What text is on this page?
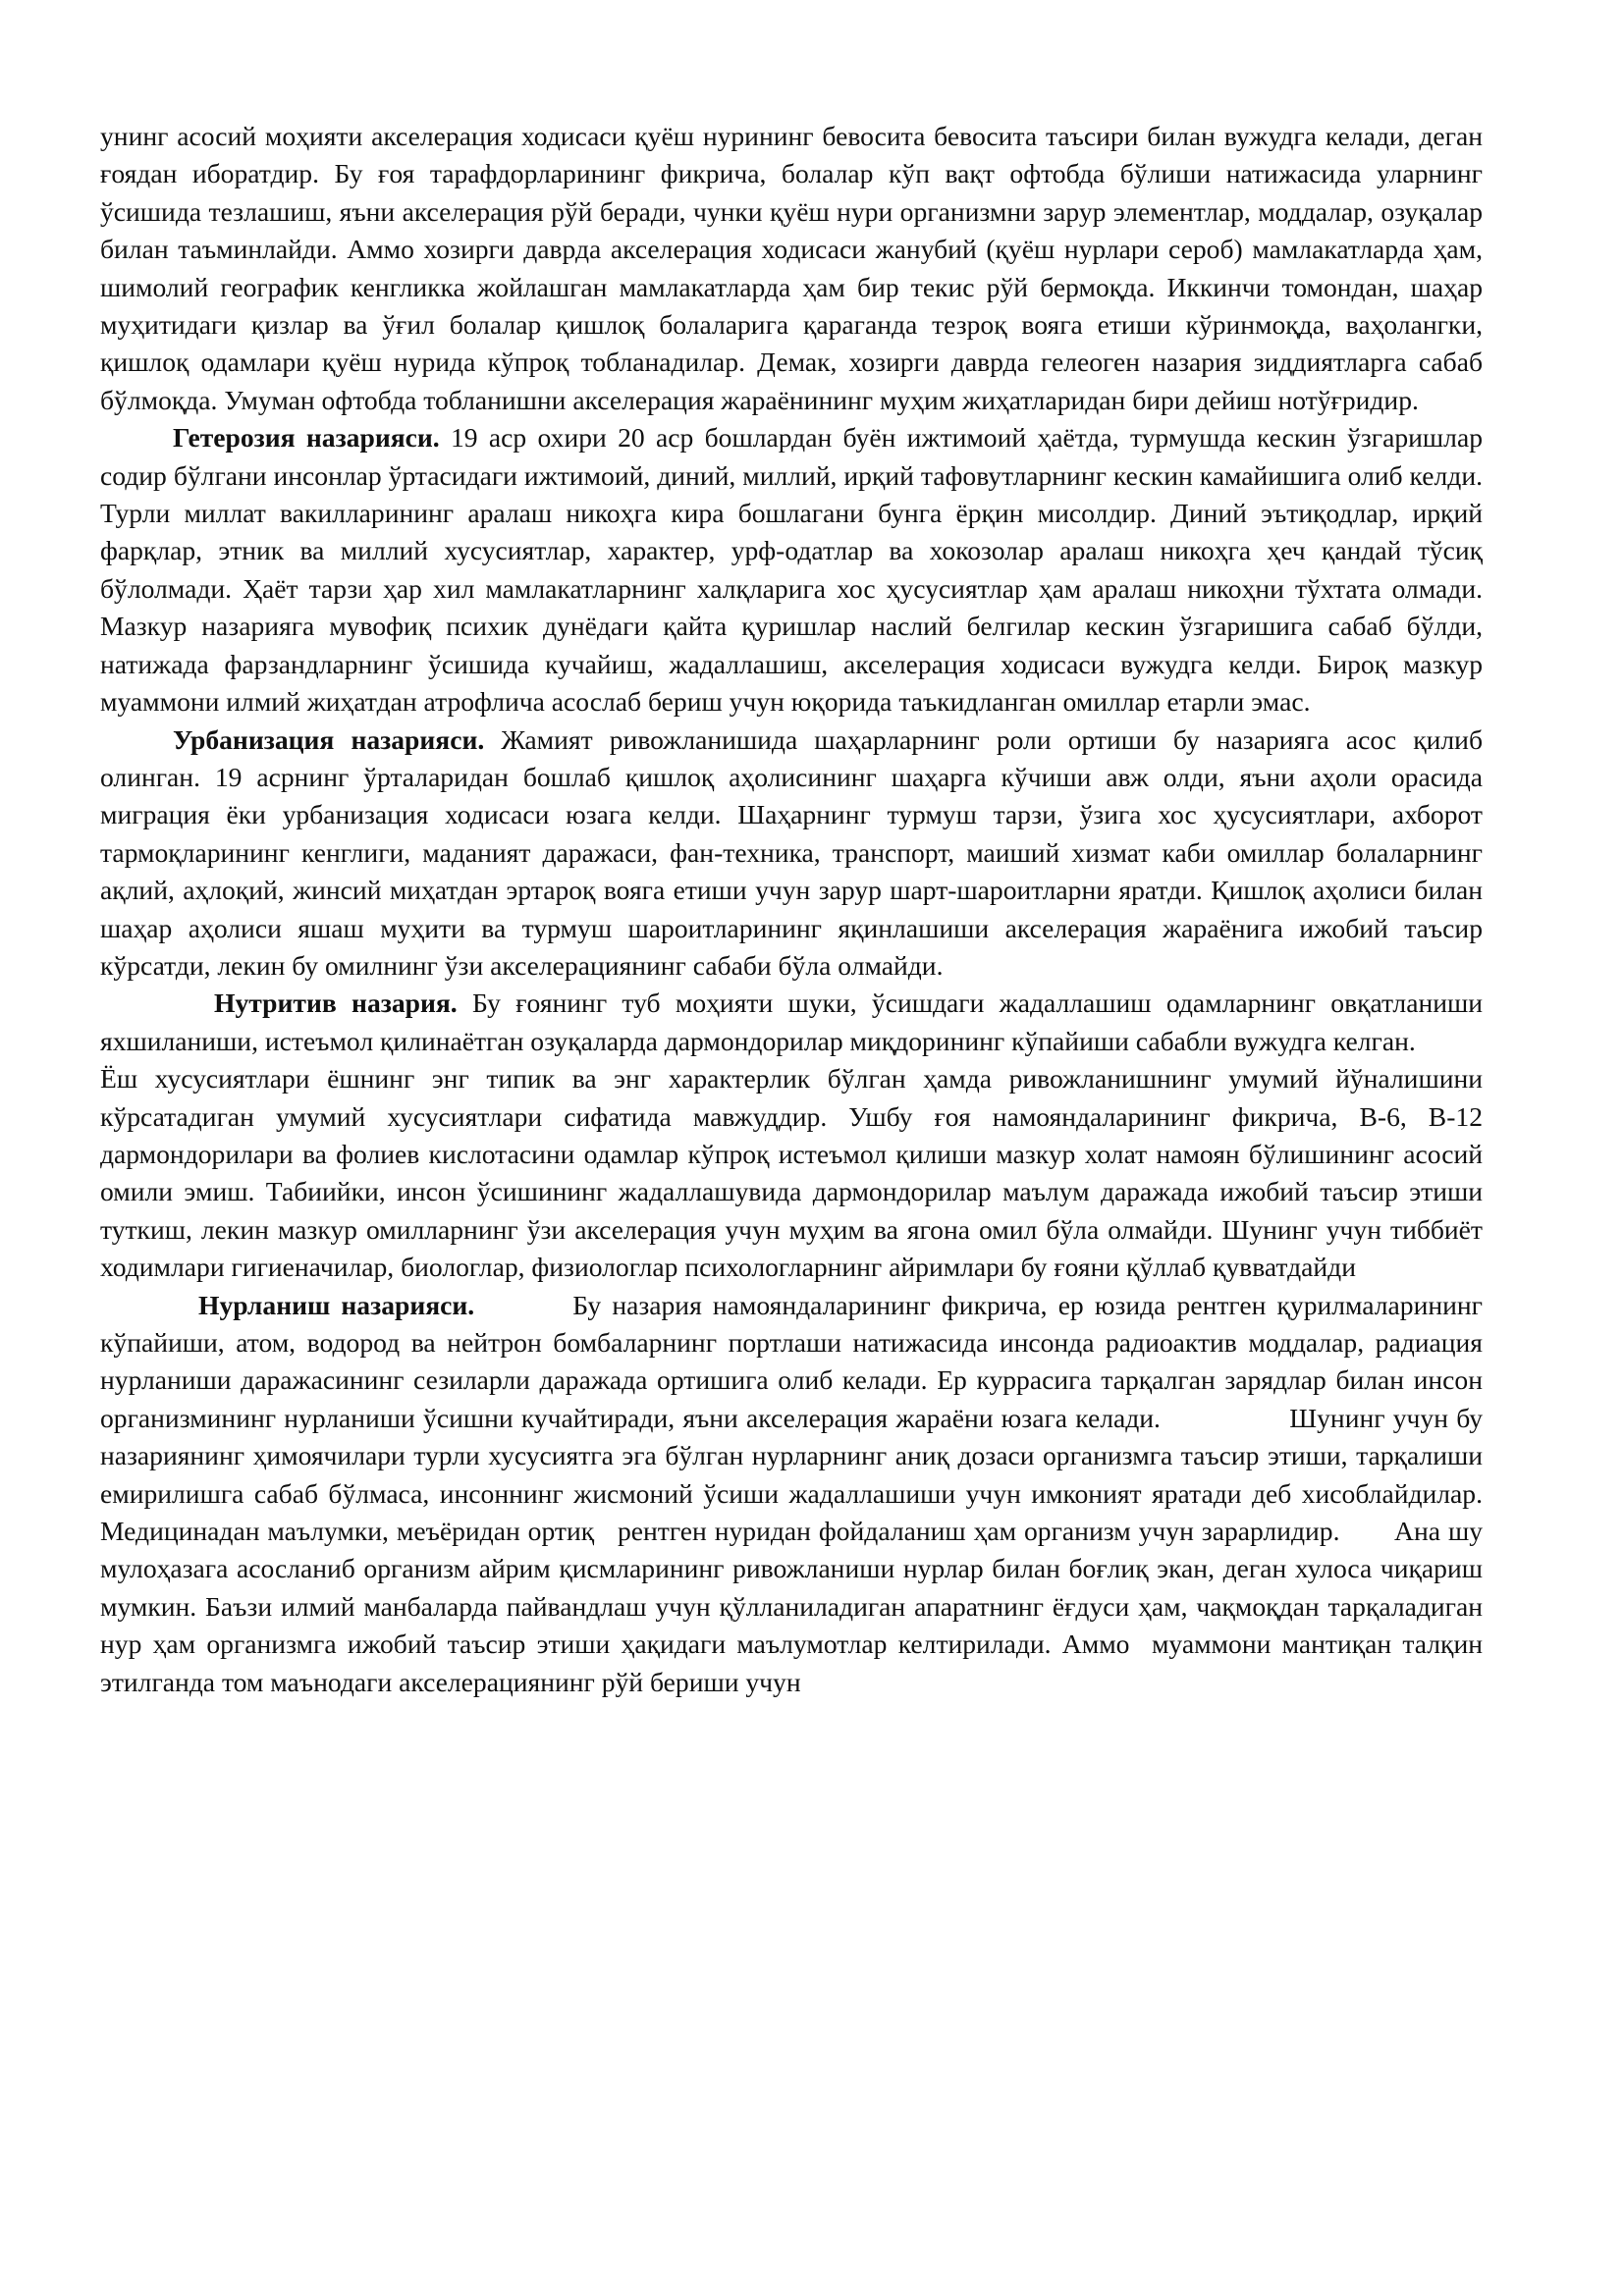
унинг асосий моҳияти акселерация ходисаси қуёш нурининг бевосита бевосита таъсири билан вужудга келади, деган ғоядан иборатдир. Бу ғоя тарафдорларининг фикрича, болалар кўп вақт офтобда бўлиши натижасида уларнинг ўсишида тезлашиш, яъни акселерация рўй беради, чунки қуёш нури организмни зарур элементлар, моддалар, озуқалар билан таъминлайди. Аммо хозирги даврда акселерация ходисаси жанубий (қуёш нурлари сероб) мамлакатларда ҳам, шимолий географик кенгликка жойлашган мамлакатларда ҳам бир текис рўй бермоқда. Иккинчи томондан, шаҳар муҳитидаги қизлар ва ўғил болалар қишлоқ болаларига қараганда тезроқ вояга етиши кўринмоқда, ваҳолангки, қишлоқ одамлари қуёш нурида кўпроқ тобланадилар. Демак, хозирги даврда гелеоген назария зиддиятларга сабаб бўлмоқда. Умуман офтобда тобланишни акселерация жараёнининг муҳим жиҳатларидан бири дейиш нотўғридир.

Гетерозия назарияси. 19 аср охири 20 аср бошлардан буён ижтимоий ҳаётда, турмушда кескин ўзгаришлар содир бўлгани инсонлар ўртасидаги ижтимоий, диний, миллий, ирқий тафовутларнинг кескин камайишига олиб келди. Турли миллат вакилларининг аралаш никоҳга кира бошлагани бунга ёрқин мисолдир. Диний эътиқодлар, ирқий фарқлар, этник ва миллий хусусиятлар, характер, урф-одатлар ва хокозолар аралаш никоҳга ҳеч қандай тўсиқ бўлолмади. Ҳаёт тарзи ҳар хил мамлакатларнинг халқларига хос ҳусусиятлар ҳам аралаш никоҳни тўхтата олмади. Мазкур назарияга мувофиқ психик дунёдаги қайта қуришлар наслий белгилар кескин ўзгаришига сабаб бўлди, натижада фарзандларнинг ўсишида кучайиш, жадаллашиш, акселерация ходисаси вужудга келди. Бироқ мазкур муаммони илмий жиҳатдан атрофлича асослаб бериш учун юқорида таъкидланган омиллар етарли эмас.

Урбанизация назарияси. Жамият ривожланишида шаҳарларнинг роли ортиши бу назарияга асос қилиб олинган. 19 асрнинг ўрталаридан бошлаб қишлоқ аҳолисининг шаҳарга кўчиши авж олди, яъни аҳоли орасида миграция ёки урбанизация ходисаси юзага келди. Шаҳарнинг турмуш тарзи, ўзига хос ҳусусиятлари, ахборот тармоқларининг кенглиги, маданият даражаси, фан-техника, транспорт, маиший хизмат каби омиллар болаларнинг ақлий, аҳлоқий, жинсий миҳатдан эртароқ вояга етиши учун зарур шарт-шароитларни яратди. Қишлоқ аҳолиси билан шаҳар аҳолиси яшаш муҳити ва турмуш шароитларининг яқинлашиши акселерация жараёнига ижобий таъсир кўрсатди, лекин бу омилнинг ўзи акселерациянинг сабаби бўла олмайди.

Нутритив назария. Бу ғоянинг туб моҳияти шуки, ўсишдаги жадаллашиш одамларнинг овқатланиши яхшиланиши, истеъмол қилинаётган озуқаларда дармондорилар миқдорининг кўпайиши сабабли вужудга келган.

Ёш хусусиятлари ёшнинг энг типик ва энг характерлик бўлган ҳамда ривожланишнинг умумий йўналишини кўрсатадиган умумий хусусиятлари сифатида мавжуддир. Ушбу ғоя намояндаларининг фикрича, В-6, В-12 дармондорилари ва фолиев кислотасини одамлар кўпроқ истеъмол қилиши мазкур холат намоян бўлишининг асосий омили эмиш. Табиийки, инсон ўсишининг жадаллашувида дармондорилар маълум даражада ижобий таъсир этиши туткиш, лекин мазкур омилларнинг ўзи акселерация учун муҳим ва ягона омил бўла олмайди. Шунинг учун тиббиёт ходимлари гигиеначилар, биологлар, физиологлар психологларнинг айримлари бу ғояни қўллаб қувватдайди

Нурланиш назарияси.         Бу назария намояндаларининг фикрича, ер юзида рентген қурилмаларининг кўпайиши, атом, водород ва нейтрон бомбаларнинг портлаши натижасида инсонда радиоактив моддалар, радиация нурланиши даражасининг сезиларли даражада ортишига олиб келади. Ер куррасига тарқалган зарядлар билан инсон организмининг нурланиши ўсишни кучайтиради, яъни акселерация жараёни юзага келади.                Шунинг учун бу назариянинг ҳимоячилари турли хусусиятга эга бўлган нурларнинг аниқ дозаси организмга таъсир этиши, тарқалиши емирилишга сабаб бўлмаса, инсоннинг жисмоний ўсиши жадаллашиши учун имконият яратади деб хисоблайдилар. Медицинадан маълумки, меъёридан ортиқ   рентген нуридан фойдаланиш ҳам организм учун зарарлидир.       Ана шу мулоҳазага асосланиб организм айрим қисмларининг ривожланиши нурлар билан боғлиқ экан, деган хулоса чиқариш мумкин. Баъзи илмий манбаларда пайвандлаш учун қўлланиладиган апаратнинг ёғдуси ҳам, чақмоқдан тарқаладиган нур ҳам организмга ижобий таъсир этиши ҳақидаги маълумотлар келтирилади. Аммо  муаммони мантиқан талқин этилганда том маънодаги акселерациянинг рўй бериши учун
